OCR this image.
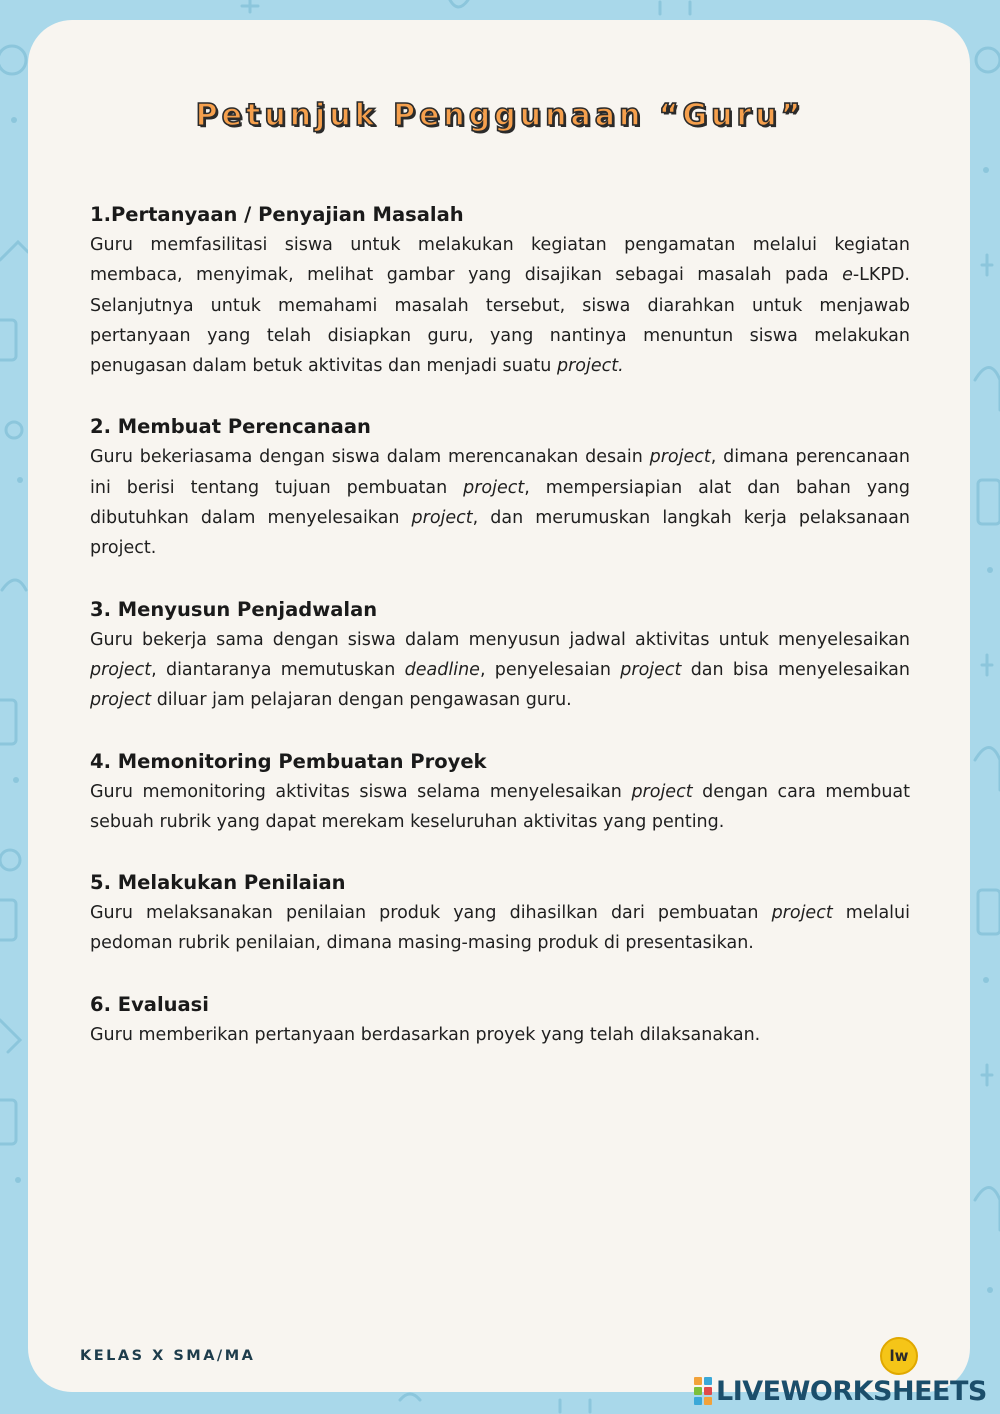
Petunjuk Penggunaan “Guru”
1.Pertanyaan / Penyajian Masalah

Guru memfasilitasi siswa untuk melakukan kegiatan pengamatan melalui kegiatan membaca, menyimak, melihat gambar yang disajikan sebagai masalah pada e-LKPD. Selanjutnya untuk memahami masalah tersebut, siswa diarahkan untuk menjawab pertanyaan yang telah disiapkan guru, yang nantinya menuntun siswa melakukan penugasan dalam betuk aktivitas dan menjadi suatu project.

2. Membuat Perencanaan

Guru bekeriasama dengan siswa dalam merencanakan desain project, dimana perencanaan ini berisi tentang tujuan pembuatan project, mempersiapian alat dan bahan yang dibutuhkan dalam menyelesaikan project, dan merumuskan langkah kerja pelaksanaan project.

3. Menyusun Penjadwalan

Guru bekerja sama dengan siswa dalam menyusun jadwal aktivitas untuk menyelesaikan project, diantaranya memutuskan deadline, penyelesaian project dan bisa menyelesaikan project diluar jam pelajaran dengan pengawasan guru.

4. Memonitoring Pembuatan Proyek

Guru memonitoring aktivitas siswa selama menyelesaikan project dengan cara membuat sebuah rubrik yang dapat merekam keseluruhan aktivitas yang penting.

5. Melakukan Penilaian

Guru melaksanakan penilaian produk yang dihasilkan dari pembuatan project melalui pedoman rubrik penilaian, dimana masing-masing produk di presentasikan.

6. Evaluasi

Guru memberikan pertanyaan berdasarkan proyek yang telah dilaksanakan.

KELAS X SMA/MA	lw
LIVEWORKSHEETS
